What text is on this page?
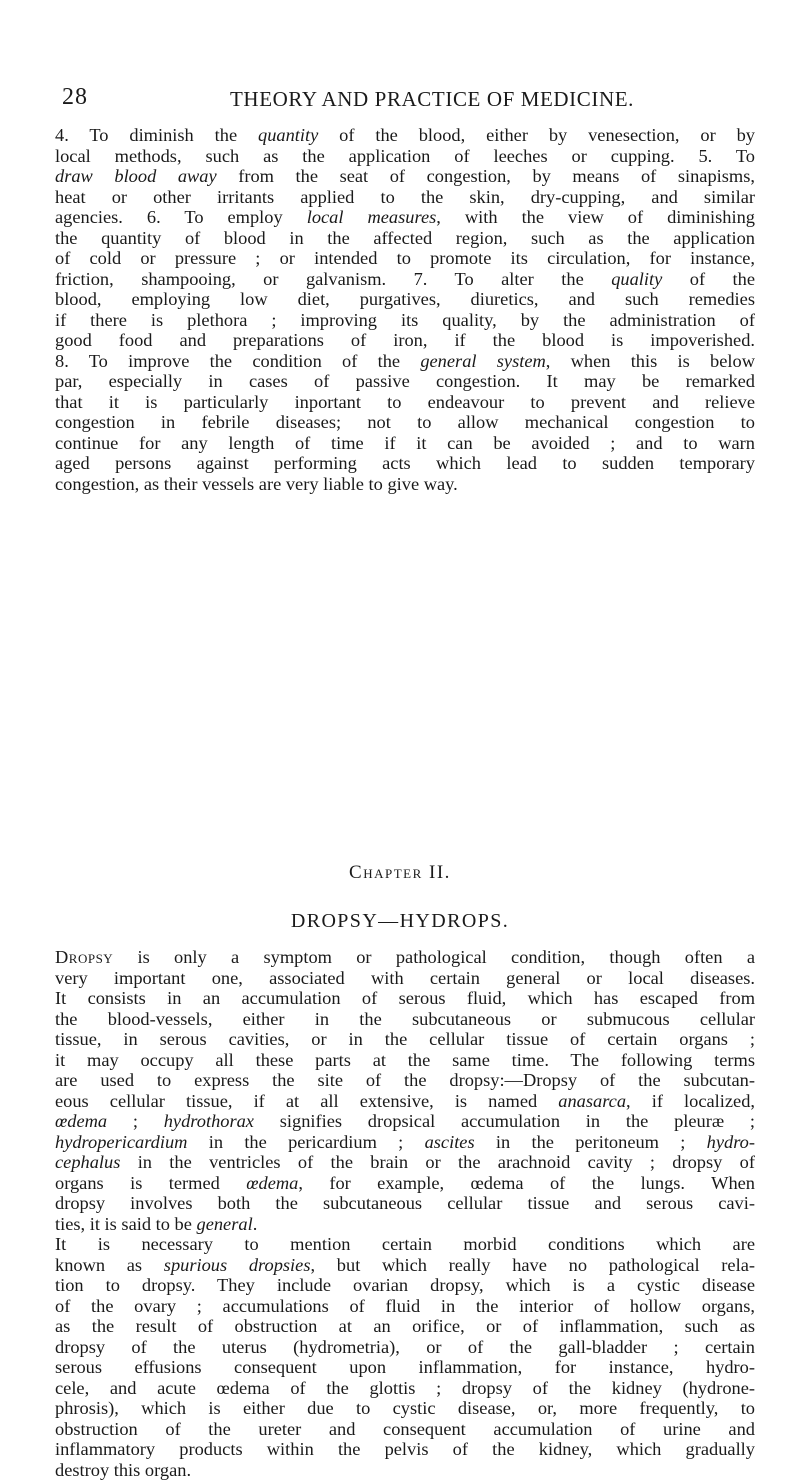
28	THEORY AND PRACTICE OF MEDICINE.
4. To diminish the quantity of the blood, either by venesection, or by
local methods, such as the application of leeches or cupping. 5. To
draw blood away from the seat of congestion, by means of sinapisms,
heat or other irritants applied to the skin, dry-cupping, and similar
agencies. 6. To employ local measures, with the view of diminishing
the quantity of blood in the affected region, such as the application
of cold or pressure ; or intended to promote its circulation, for instance,
friction, shampooing, or galvanism. 7. To alter the quality of the
blood, employing low diet, purgatives, diuretics, and such remedies
if there is plethora ; improving its quality, by the administration of
good food and preparations of iron, if the blood is impoverished.
8. To improve the condition of the general system, when this is below
par, especially in cases of passive congestion. It may be remarked
that it is particularly inportant to endeavour to prevent and relieve
congestion in febrile diseases; not to allow mechanical congestion to
continue for any length of time if it can be avoided ; and to warn
aged persons against performing acts which lead to sudden temporary
congestion, as their vessels are very liable to give way.
Chapter II.
DROPSY—HYDROPS.
Dropsy is only a symptom or pathological condition, though often a
very important one, associated with certain general or local diseases.
It consists in an accumulation of serous fluid, which has escaped from
the blood-vessels, either in the subcutaneous or submucous cellular
tissue, in serous cavities, or in the cellular tissue of certain organs ;
it may occupy all these parts at the same time. The following terms
are used to express the site of the dropsy:—Dropsy of the subcutan-
eous cellular tissue, if at all extensive, is named anasarca, if localized,
œdema ; hydrothorax signifies dropsical accumulation in the pleuræ ;
hydropericardium in the pericardium ; ascites in the peritoneum ; hydro-
cephalus in the ventricles of the brain or the arachnoid cavity ; dropsy of
organs is termed œdema, for example, œdema of the lungs. When
dropsy involves both the subcutaneous cellular tissue and serous cavi-
ties, it is said to be general.
It is necessary to mention certain morbid conditions which are
known as spurious dropsies, but which really have no pathological rela-
tion to dropsy. They include ovarian dropsy, which is a cystic disease
of the ovary ; accumulations of fluid in the interior of hollow organs,
as the result of obstruction at an orifice, or of inflammation, such as
dropsy of the uterus (hydrometria), or of the gall-bladder ; certain
serous effusions consequent upon inflammation, for instance, hydro-
cele, and acute œdema of the glottis ; dropsy of the kidney (hydrone-
phrosis), which is either due to cystic disease, or, more frequently, to
obstruction of the ureter and consequent accumulation of urine and
inflammatory products within the pelvis of the kidney, which gradually
destroy this organ.
